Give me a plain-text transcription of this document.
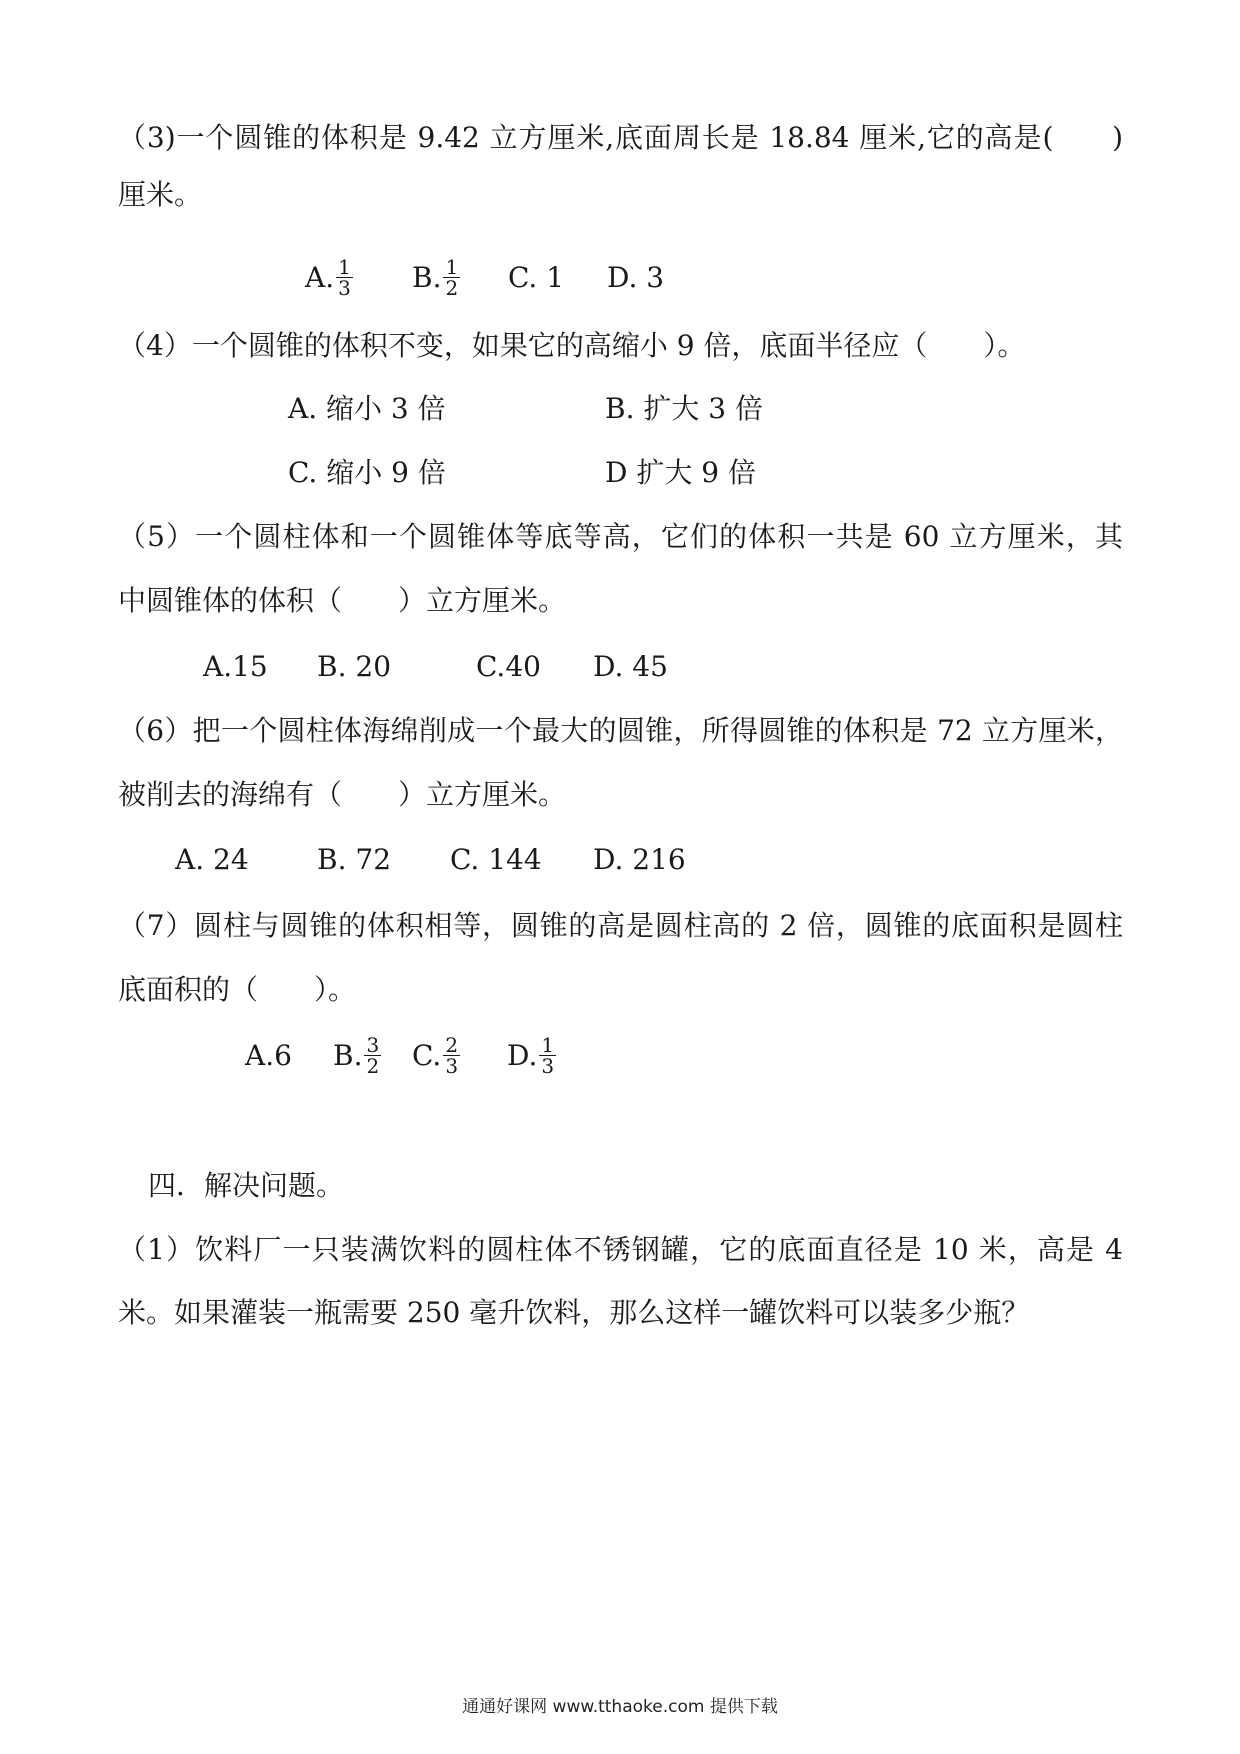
（3)一个圆锥的体积是 9.42 立方厘米,底面周长是 18.84 厘米,它的高是(　　)
厘米。
A. $\frac{1}{3} B$. $\frac{1}{2} C$. 1 D. 3
（4）一个圆锥的体积不变，如果它的高缩小 9 倍，底面半径应（　　）。
A. 缩小 3 倍	B. 扩大 3 倍
C. 缩小 9 倍	D 扩大 9 倍
（5）一个圆柱体和一个圆锥体等底等高，它们的体积一共是 60 立方厘米，其
中圆锥体的体积（　　）立方厘米。
A.15 B. 20	C.40 D. 45
（6）把一个圆柱体海绵削成一个最大的圆锥，所得圆锥的体积是 72 立方厘米，
被削去的海绵有（　　）立方厘米。
A. 24 B. 72 C. 144 D. 216
（7）圆柱与圆锥的体积相等，圆锥的高是圆柱高的 2 倍，圆锥的底面积是圆柱
底面积的（　　）。
A.6 B. $\frac{3}{2} C$. $\frac{2}{3} D$. $\frac{1}{3}$
四．解决问题。
（1）饮料厂一只装满饮料的圆柱体不锈钢罐，它的底面直径是 10 米，高是 4
米。如果灌装一瓶需要 250 毫升饮料，那么这样一罐饮料可以装多少瓶？
通通好课网 www.tthaoke.com 提供下载
